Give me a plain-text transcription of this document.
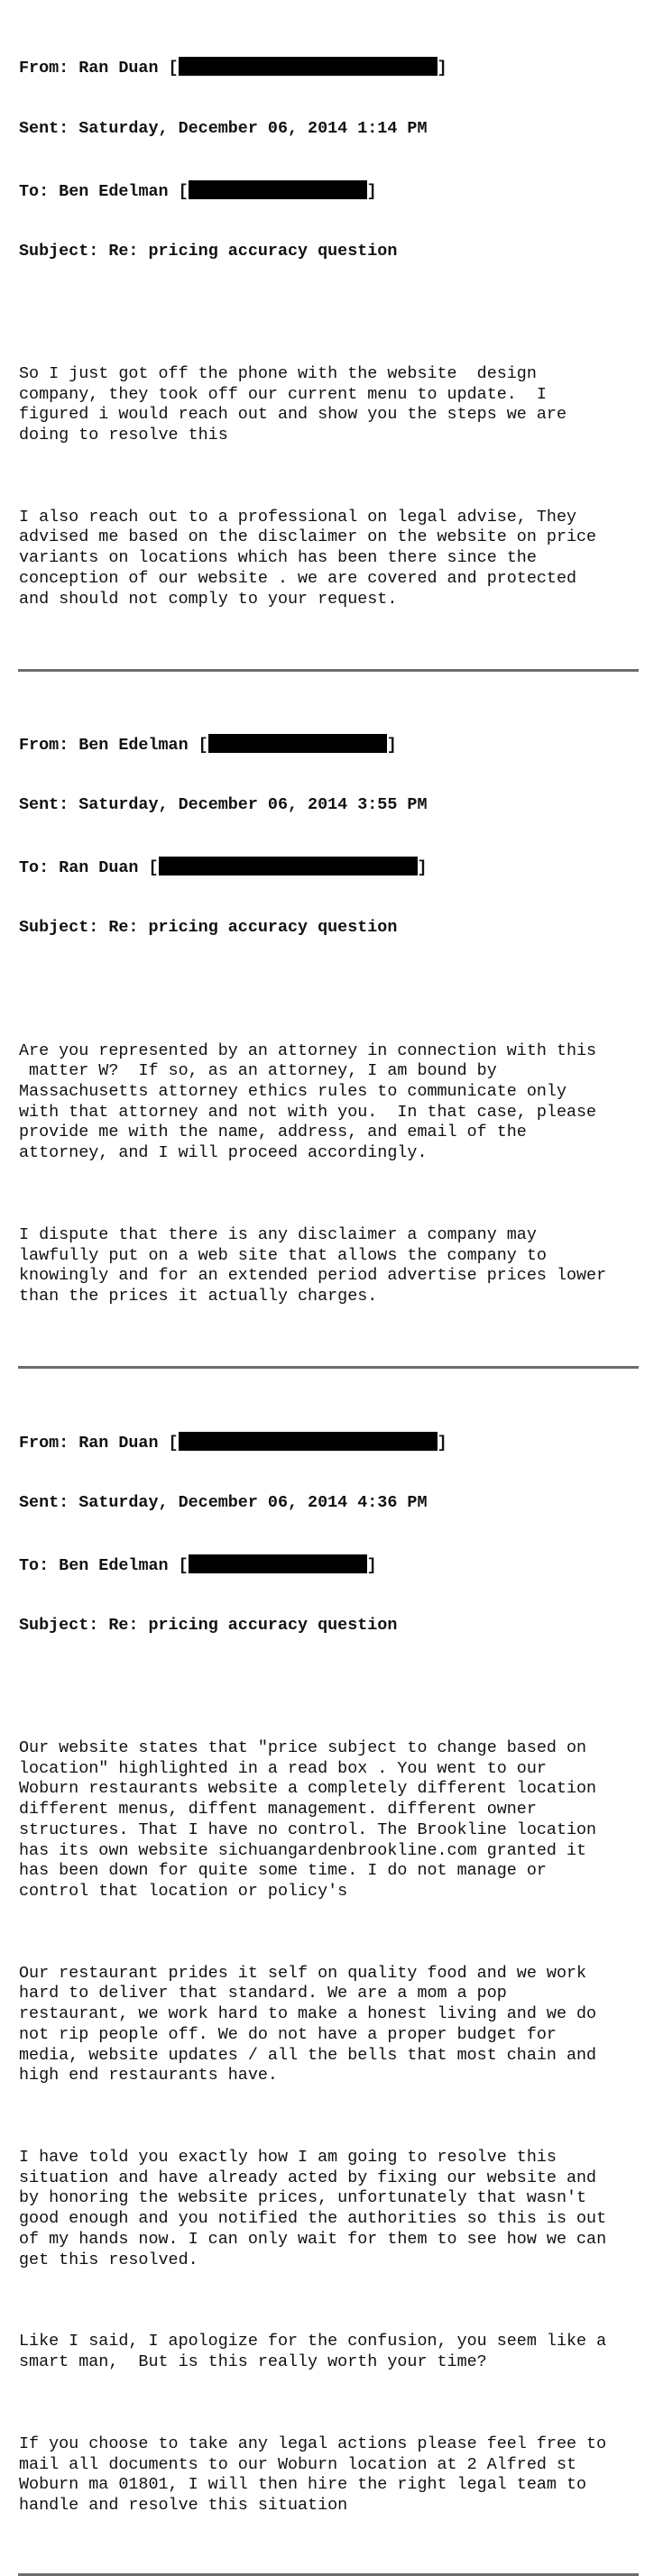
From: Ran Duan [	]

Sent: Saturday, December 06, 2014 1:14 PM

To: Ben Edelman [	]

Subject: Re: pricing accuracy question

So I just got off the phone with the website  design
company, they took off our current menu to update.  I
figured i would reach out and show you the steps we are
doing to resolve this

I also reach out to a professional on legal advise, They
advised me based on the disclaimer on the website on price
variants on locations which has been there since the
conception of our website . we are covered and protected
and should not comply to your request.

From: Ben Edelman [	]

Sent: Saturday, December 06, 2014 3:55 PM

To: Ran Duan [	]

Subject: Re: pricing accuracy question

Are you represented by an attorney in connection with this
matter W?  If so, as an attorney, I am bound by
Massachusetts attorney ethics rules to communicate only
with that attorney and not with you.  In that case, please
provide me with the name, address, and email of the
attorney, and I will proceed accordingly.

I dispute that there is any disclaimer a company may
lawfully put on a web site that allows the company to
knowingly and for an extended period advertise prices lower
than the prices it actually charges.

From: Ran Duan [	]

Sent: Saturday, December 06, 2014 4:36 PM

To: Ben Edelman [	]

Subject: Re: pricing accuracy question

Our website states that "price subject to change based on
location" highlighted in a read box . You went to our
Woburn restaurants website a completely different location
different menus, diffent management. different owner
structures. That I have no control. The Brookline location
has its own website sichuangardenbrookline.com granted it
has been down for quite some time. I do not manage or
control that location or policy's

Our restaurant prides it self on quality food and we work
hard to deliver that standard. We are a mom a pop
restaurant, we work hard to make a honest living and we do
not rip people off. We do not have a proper budget for
media, website updates / all the bells that most chain and
high end restaurants have.

I have told you exactly how I am going to resolve this
situation and have already acted by fixing our website and
by honoring the website prices, unfortunately that wasn't
good enough and you notified the authorities so this is out
of my hands now. I can only wait for them to see how we can
get this resolved.

Like I said, I apologize for the confusion, you seem like a
smart man,  But is this really worth your time?

If you choose to take any legal actions please feel free to
mail all documents to our Woburn location at 2 Alfred st
Woburn ma 01801, I will then hire the right legal team to
handle and resolve this situation
